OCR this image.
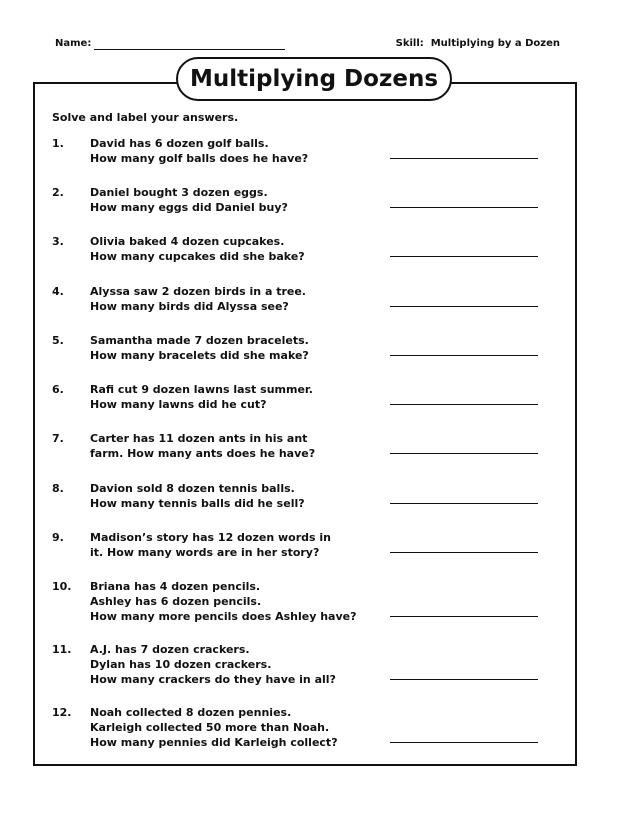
Name:	Skill:  Multiplying by a Dozen
Multiplying Dozens
Solve and label your answers.
1. David has 6 dozen golf balls.
How many golf balls does he have?
2. Daniel bought 3 dozen eggs.
How many eggs did Daniel buy?
3. Olivia baked 4 dozen cupcakes.
How many cupcakes did she bake?
4. Alyssa saw 2 dozen birds in a tree.
How many birds did Alyssa see?
5. Samantha made 7 dozen bracelets.
How many bracelets did she make?
6. Rafi cut 9 dozen lawns last summer.
How many lawns did he cut?
7. Carter has 11 dozen ants in his ant
farm. How many ants does he have?
8. Davion sold 8 dozen tennis balls.
How many tennis balls did he sell?
9. Madison’s story has 12 dozen words in
it. How many words are in her story?
10. Briana has 4 dozen pencils.
Ashley has 6 dozen pencils.
How many more pencils does Ashley have?
11. A.J. has 7 dozen crackers.
Dylan has 10 dozen crackers.
How many crackers do they have in all?
12. Noah collected 8 dozen pennies.
Karleigh collected 50 more than Noah.
How many pennies did Karleigh collect?
